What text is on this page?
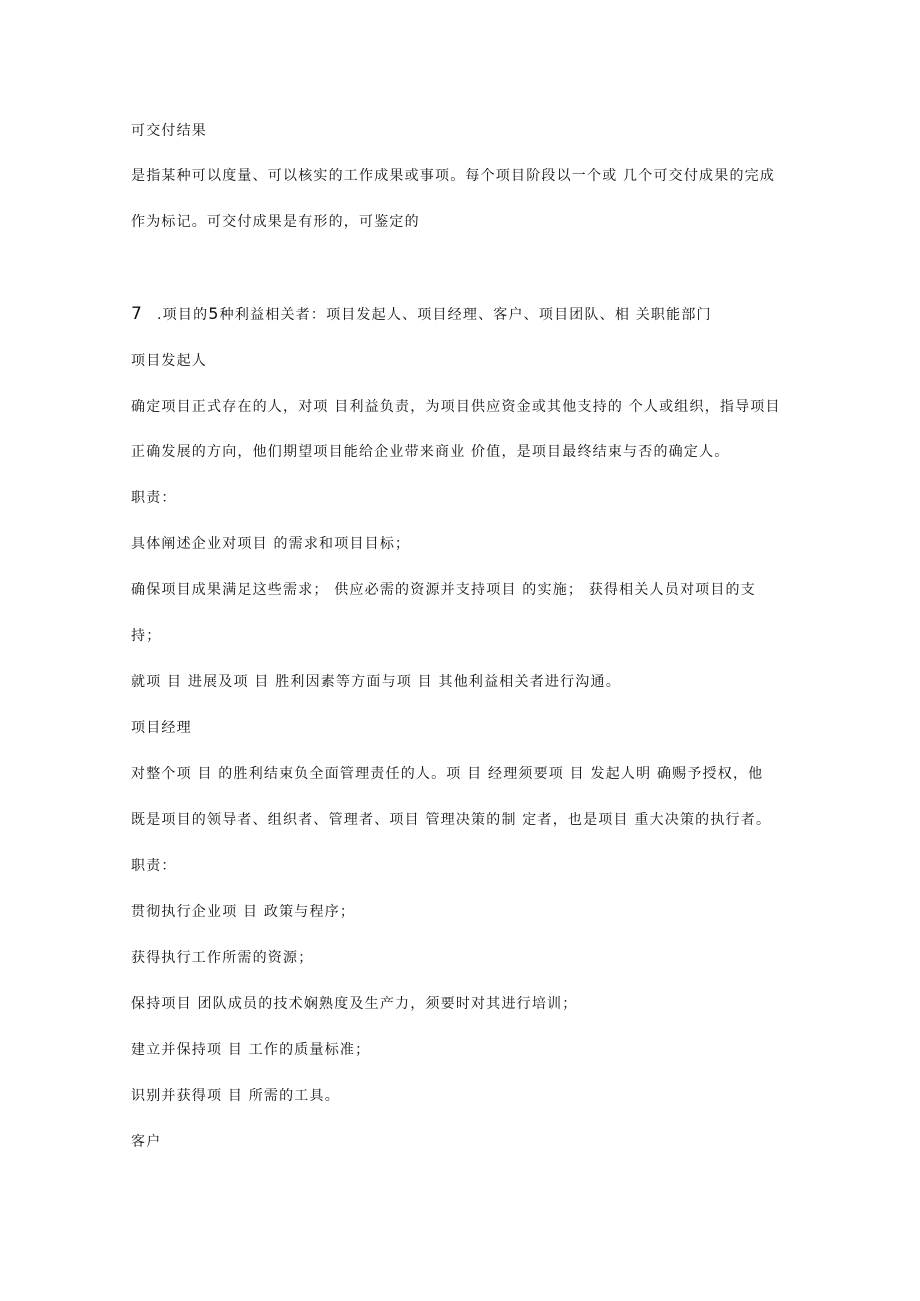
可交付结果
是指某种可以度量、可以核实的工作成果或事项。每个项目阶段以一个或 几个可交付成果的完成
作为标记。可交付成果是有形的，可鉴定的
7 .项目的5种利益相关者：项目发起人、项目经理、客户、项目团队、相 关职能部门
项目发起人
确定项目正式存在的人，对项 目利益负责，为项目供应资金或其他支持的 个人或组织，指导项目
正确发展的方向，他们期望项目能给企业带来商业 价值，是项目最终结束与否的确定人。
职责：
具体阐述企业对项目 的需求和项目目标；
确保项目成果满足这些需求； 供应必需的资源并支持项目 的实施； 获得相关人员对项目的支
持；
就项 目 进展及项 目 胜利因素等方面与项 目 其他利益相关者进行沟通。
项目经理
对整个项 目 的胜利结束负全面管理责任的人。项 目 经理须要项 目 发起人明 确赐予授权，他
既是项目的领导者、组织者、管理者、项目 管理决策的制 定者，也是项目 重大决策的执行者。
职责：
贯彻执行企业项 目 政策与程序；
获得执行工作所需的资源；
保持项目 团队成员的技术娴熟度及生产力，须要时对其进行培训；
建立并保持项 目 工作的质量标准；
识别并获得项 目 所需的工具。
客户
